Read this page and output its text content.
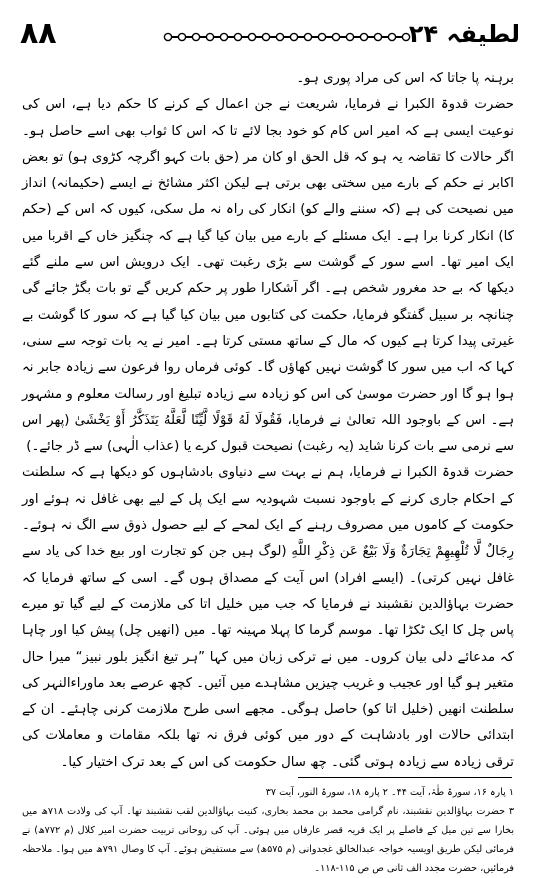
۸۸	لطیفہ ۲۴

برہنہ پا جاتا کہ اس کی مراد پوری ہو۔

حضرت قدوۃ الکبرا نے فرمایا، شریعت نے جن اعمال کے کرنے کا حکم دیا ہے، اس کی نوعیت ایسی ہے کہ امیر اس کام کو خود بجا لائے تا کہ اس کا ثواب بھی اسے حاصل ہو۔ اگر حالات کا تقاضہ یہ ہو کہ قل الحق او کان مر (حق بات کہو اگرچہ کڑوی ہو) تو بعض اکابر نے حکم کے بارے میں سختی بھی برتی ہے لیکن اکثر مشائخ نے ایسے (حکیمانہ) انداز میں نصیحت کی ہے (کہ سننے والے کو) انکار کی راہ نہ مل سکی، کیوں کہ اس کے (حکم کا) انکار کرنا برا ہے۔ ایک مسئلے کے بارے میں بیان کیا گیا ہے کہ چنگیز خاں کے اقربا میں ایک امیر تھا۔ اسے سور کے گوشت سے بڑی رغبت تھی۔ ایک درویش اس سے ملنے گئے دیکھا کہ بے حد مغرور شخص ہے۔ اگر آشکارا طور پر حکم کریں گے تو بات بگڑ جائے گی چنانچہ بر سبیل گفتگو فرمایا، حکمت کی کتابوں میں بیان کیا گیا ہے کہ سور کا گوشت بے غیرتی پیدا کرتا ہے کیوں کہ مال کے ساتھ مستی کرتا ہے۔ امیر نے یہ بات توجہ سے سنی، کہا کہ اب میں سور کا گوشت نہیں کھاؤں گا۔ کوئی فرماں روا فرعون سے زیادہ جابر نہ ہوا ہو گا اور حضرت موسیٰ کی اس کو زیادہ سے زیادہ تبلیغ اور رسالت معلوم و مشہور ہے۔ اس کے باوجود اللہ تعالیٰ نے فرمایا، فَقُولَا لَهُ قَوْلًا لَّيِّنًا لَّعَلَّهُ يَتَذَكَّرُ أَوْ يَخْشَىٰ (پھر اس سے نرمی سے بات کرنا شاید (یہ رغبت) نصیحت قبول کرے یا (عذاب الٰہی) سے ڈر جائے۔)

حضرت قدوۃ الکبرا نے فرمایا، ہم نے بہت سے دنیاوی بادشاہوں کو دیکھا ہے کہ سلطنت کے احکام جاری کرنے کے باوجود نسبت شہودیہ سے ایک پل کے لیے بھی غافل نہ ہوئے اور حکومت کے کاموں میں مصروف رہنے کے ایک لمحے کے لیے حصول ذوق سے الگ نہ ہوئے۔ رِجَالٌ لَّا تُلْهِيهِمْ تِجَارَةٌ وَلَا بَيْعٌ عَن ذِكْرِ اللَّهِ (لوگ ہیں جن کو تجارت اور بیع خدا کی یاد سے غافل نہیں کرتی)۔ (ایسے افراد) اس آیت کے مصداق ہوں گے۔ اسی کے ساتھ فرمایا کہ حضرت بہاؤالدین نقشبند نے فرمایا کہ جب میں خلیل اتا کی ملازمت کے لیے گیا تو میرے پاس چل کا ایک ٹکڑا تھا۔ موسم گرما کا پہلا مہینہ تھا۔ میں (انھیں چل) پیش کیا اور چاہا کہ مدعائے دلی بیان کروں۔ میں نے ترکی زبان میں کہا ”ہر تیغ انگیز بلور نبیز“ میرا حال متغیر ہو گیا اور عجیب و غریب چیزیں مشاہدے میں آئیں۔ کچھ عرصے بعد ماوراءالنہر کی سلطنت انھیں (خلیل اتا کو) حاصل ہوگی۔ مجھے اسی طرح ملازمت کرنی چاہئے۔ ان کے ابتدائی حالات اور بادشاہت کے دور میں کوئی فرق نہ تھا بلکہ مقامات و معاملات کی ترقی زیادہ سے زیادہ ہوتی گئی۔ چھ سال حکومت کی اس کے بعد ترک اختیار کیا۔

۱ پارہ ۱۶، سورۃ طٰہٰ، آیت ۴۴۔ ۲ پارہ ۱۸، سورۃ النور، آیت ۳۷

۳ حضرت بہاؤالدین نقشبند، نام گرامی محمد بن محمد بخاری، کنیت بہاؤالدین لقب نقشبند تھا۔ آپ کی ولادت ۷۱۸ھ میں بخارا سے تین میل کے فاصلے پر ایک قریہ قصر عارفاں میں ہوئی۔ آپ کی روحانی تربیت حضرت امیر کلال (م ۷۷۲ھ) نے فرمائی لیکن طریق اویسیہ خواجہ عبدالخالق غجدوانی (م ۵۷۵ھ) سے مستفیض ہوئے۔ آپ کا وصال ۷۹۱ھ میں ہوا۔ ملاحظہ فرمائیں، حضرت مجدد الف ثانی ص ص ۱۱۵-۱۱۸۔
